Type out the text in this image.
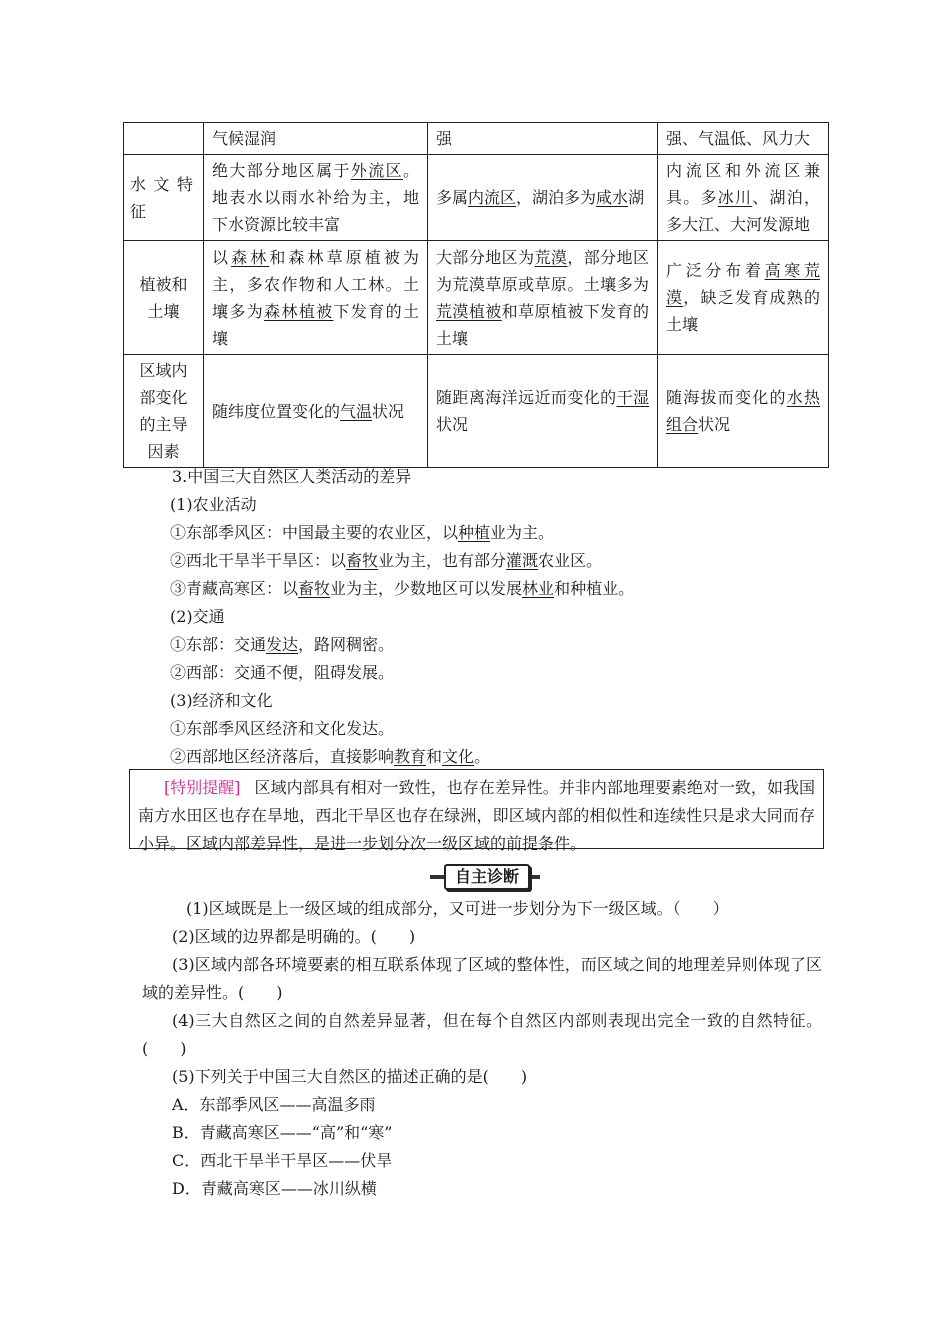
	气候湿润	强	强、气温低、风力大
水文特征	绝大部分地区属于外流区。地表水以雨水补给为主，地下水资源比较丰富	多属内流区，湖泊多为咸水湖	内流区和外流区兼具。多冰川、湖泊，多大江、大河发源地
植被和土壤	以森林和森林草原植被为主，多农作物和人工林。土壤多为森林植被下发育的土壤	大部分地区为荒漠，部分地区为荒漠草原或草原。土壤多为荒漠植被和草原植被下发育的土壤	广泛分布着高寒荒漠，缺乏发育成熟的土壤
区域内部变化的主导因素	随纬度位置变化的气温状况	随距离海洋远近而变化的干湿状况	随海拔而变化的水热组合状况
3.中国三大自然区人类活动的差异
(1)农业活动
①东部季风区：中国最主要的农业区，以种植业为主。
②西北干旱半干旱区：以畜牧业为主，也有部分灌溉农业区。
③青藏高寒区：以畜牧业为主，少数地区可以发展林业和种植业。
(2)交通
①东部：交通发达，路网稠密。
②西部：交通不便，阻碍发展。
(3)经济和文化
①东部季风区经济和文化发达。
②西部地区经济落后，直接影响教育和文化。
[特别提醒] 区域内部具有相对一致性，也存在差异性。并非内部地理要素绝对一致，如我国南方水田区也存在旱地，西北干旱区也存在绿洲，即区域内部的相似性和连续性只是求大同而存小异。区域内部差异性，是进一步划分次一级区域的前提条件。
自主诊断
(1)区域既是上一级区域的组成部分，又可进一步划分为下一级区域。（　　）
(2)区域的边界都是明确的。(　　)
(3)区域内部各环境要素的相互联系体现了区域的整体性，而区域之间的地理差异则体现了区域的差异性。(　　)
(4)三大自然区之间的自然差异显著，但在每个自然区内部则表现出完全一致的自然特征。(　　)
(5)下列关于中国三大自然区的描述正确的是(　　)
A．东部季风区——高温多雨
B．青藏高寒区——“高”和“寒”
C．西北干旱半干旱区——伏旱
D．青藏高寒区——冰川纵横
